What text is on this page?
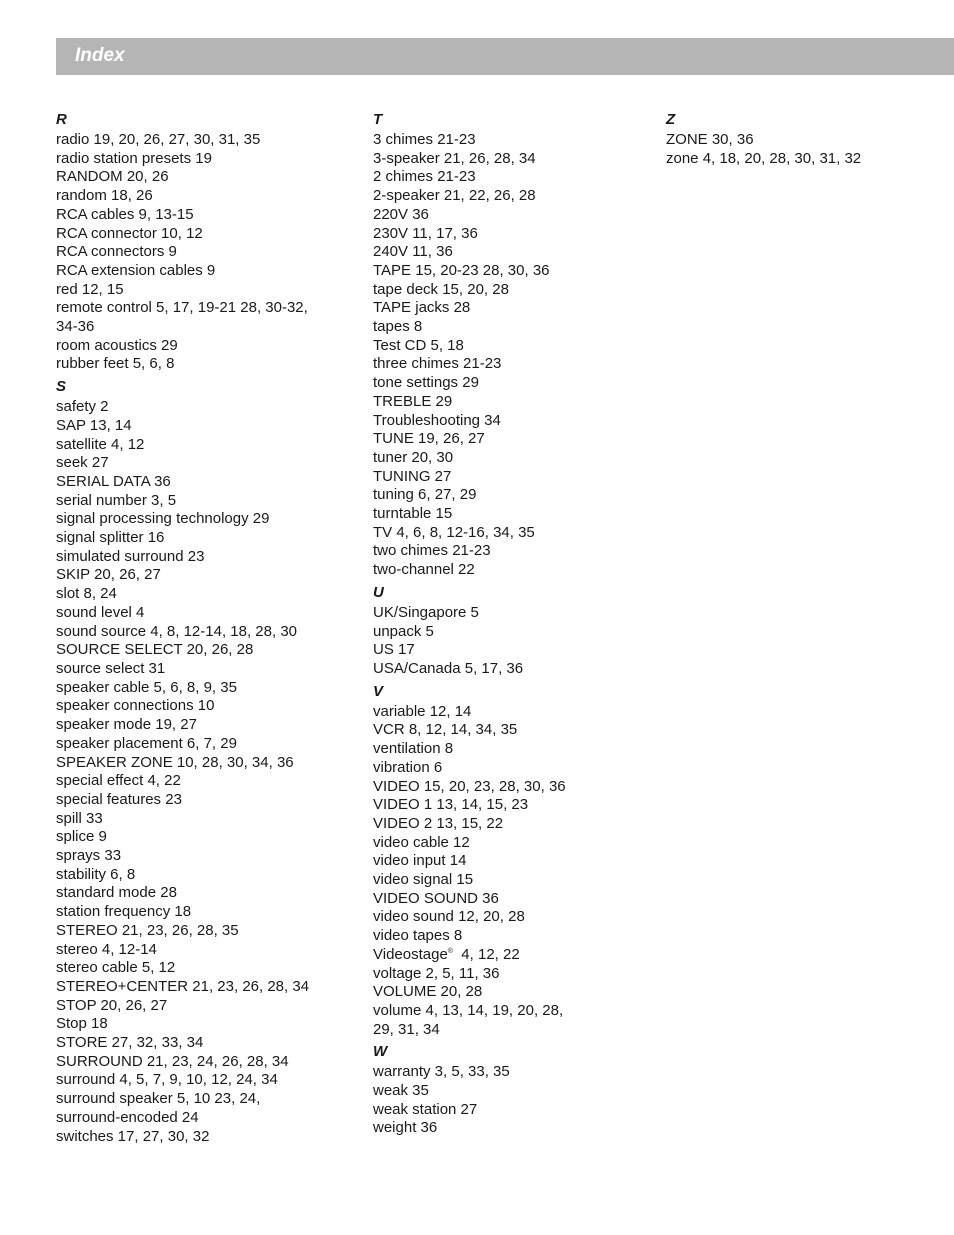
Index
R
radio 19, 20, 26, 27, 30, 31, 35
radio station presets 19
RANDOM 20, 26
random 18, 26
RCA cables 9, 13-15
RCA connector 10, 12
RCA connectors 9
RCA extension cables 9
red 12, 15
remote control 5, 17, 19-21 28, 30-32,
34-36
room acoustics 29
rubber feet 5, 6, 8
S
safety 2
SAP 13, 14
satellite 4, 12
seek 27
SERIAL DATA 36
serial number 3, 5
signal processing technology 29
signal splitter 16
simulated surround 23
SKIP 20, 26, 27
slot 8, 24
sound level 4
sound source 4, 8, 12-14, 18, 28, 30
SOURCE SELECT 20, 26, 28
source select 31
speaker cable 5, 6, 8, 9, 35
speaker connections 10
speaker mode 19, 27
speaker placement 6, 7, 29
SPEAKER ZONE 10, 28, 30, 34, 36
special effect 4, 22
special features 23
spill 33
splice 9
sprays 33
stability 6, 8
standard mode 28
station frequency 18
STEREO 21, 23, 26, 28, 35
stereo 4, 12-14
stereo cable 5, 12
STEREO+CENTER 21, 23, 26, 28, 34
STOP 20, 26, 27
Stop 18
STORE 27, 32, 33, 34
SURROUND 21, 23, 24, 26, 28, 34
surround 4, 5, 7, 9, 10, 12, 24, 34
surround speaker 5, 10 23, 24,
surround-encoded 24
switches 17, 27, 30, 32
T
3 chimes 21-23
3-speaker 21, 26, 28, 34
2 chimes 21-23
2-speaker 21, 22, 26, 28
220V 36
230V 11, 17, 36
240V 11, 36
TAPE 15, 20-23 28, 30, 36
tape deck 15, 20, 28
TAPE jacks 28
tapes 8
Test CD 5, 18
three chimes 21-23
tone settings 29
TREBLE 29
Troubleshooting 34
TUNE 19, 26, 27
tuner 20, 30
TUNING 27
tuning 6, 27, 29
turntable 15
TV 4, 6, 8, 12-16, 34, 35
two chimes 21-23
two-channel 22
U
UK/Singapore 5
unpack 5
US 17
USA/Canada 5, 17, 36
V
variable 12, 14
VCR 8, 12, 14, 34, 35
ventilation 8
vibration 6
VIDEO 15, 20, 23, 28, 30, 36
VIDEO 1 13, 14, 15, 23
VIDEO 2 13, 15, 22
video cable 12
video input 14
video signal 15
VIDEO SOUND 36
video sound 12, 20, 28
video tapes 8
Videostage®  4, 12, 22
voltage 2, 5, 11, 36
VOLUME 20, 28
volume 4, 13, 14, 19, 20, 28,
29, 31, 34
W
warranty 3, 5, 33, 35
weak 35
weak station 27
weight 36
Z
ZONE 30, 36
zone 4, 18, 20, 28, 30, 31, 32
